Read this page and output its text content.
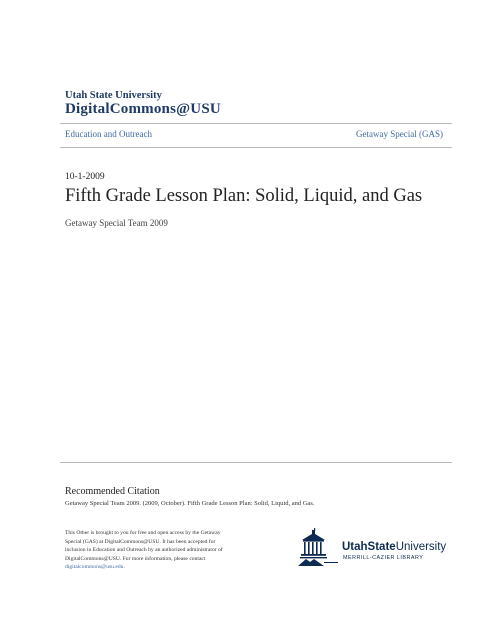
Utah State University
DigitalCommons@USU
Education and Outreach	Getaway Special (GAS)
10-1-2009
Fifth Grade Lesson Plan: Solid, Liquid, and Gas
Getaway Special Team 2009
Recommended Citation
Getaway Special Team 2009. (2009, October). Fifth Grade Lesson Plan: Solid, Liquid, and Gas.

This Other is brought to you for free and open access by the Getaway

Special (GAS) at DigitalCommons@USU. It has been accepted for

inclusion in Education and Outreach by an authorized administrator of

DigitalCommons@USU. For more information, please contact

digitalcommons@usu.edu.

UtahStateUniversity
MERRILL-CAZIER LIBRARY
